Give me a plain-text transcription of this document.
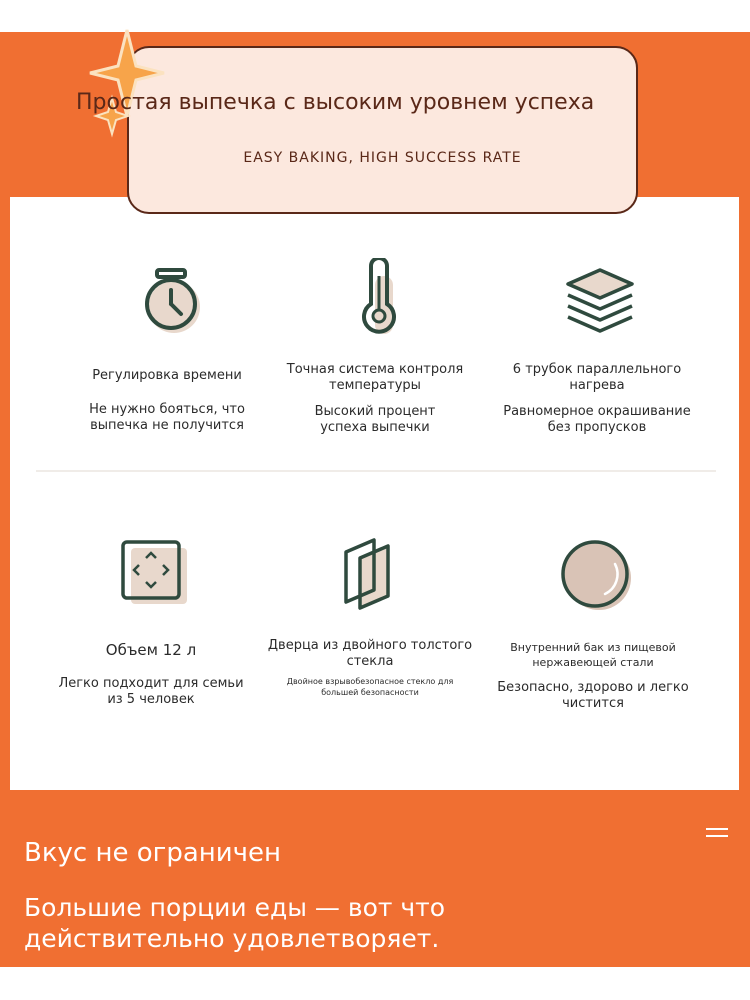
Простая выпечка с высоким уровнем успеха
EASY BAKING, HIGH SUCCESS RATE
Регулировка времени
Не нужно бояться, что выпечка не получится
Точная система контроля температуры
Высокий процент успеха выпечки
6 трубок параллельного нагрева
Равномерное окрашивание без пропусков
Объем 12 л
Легко подходит для семьи из 5 человек
Дверца из двойного толстого стекла
Двойное взрывобезопасное стекло для большей безопасности
Внутренний бак из пищевой нержавеющей стали
Безопасно, здорово и легко чистится
Вкус не ограничен
Большие порции еды — вот что действительно удовлетворяет.
